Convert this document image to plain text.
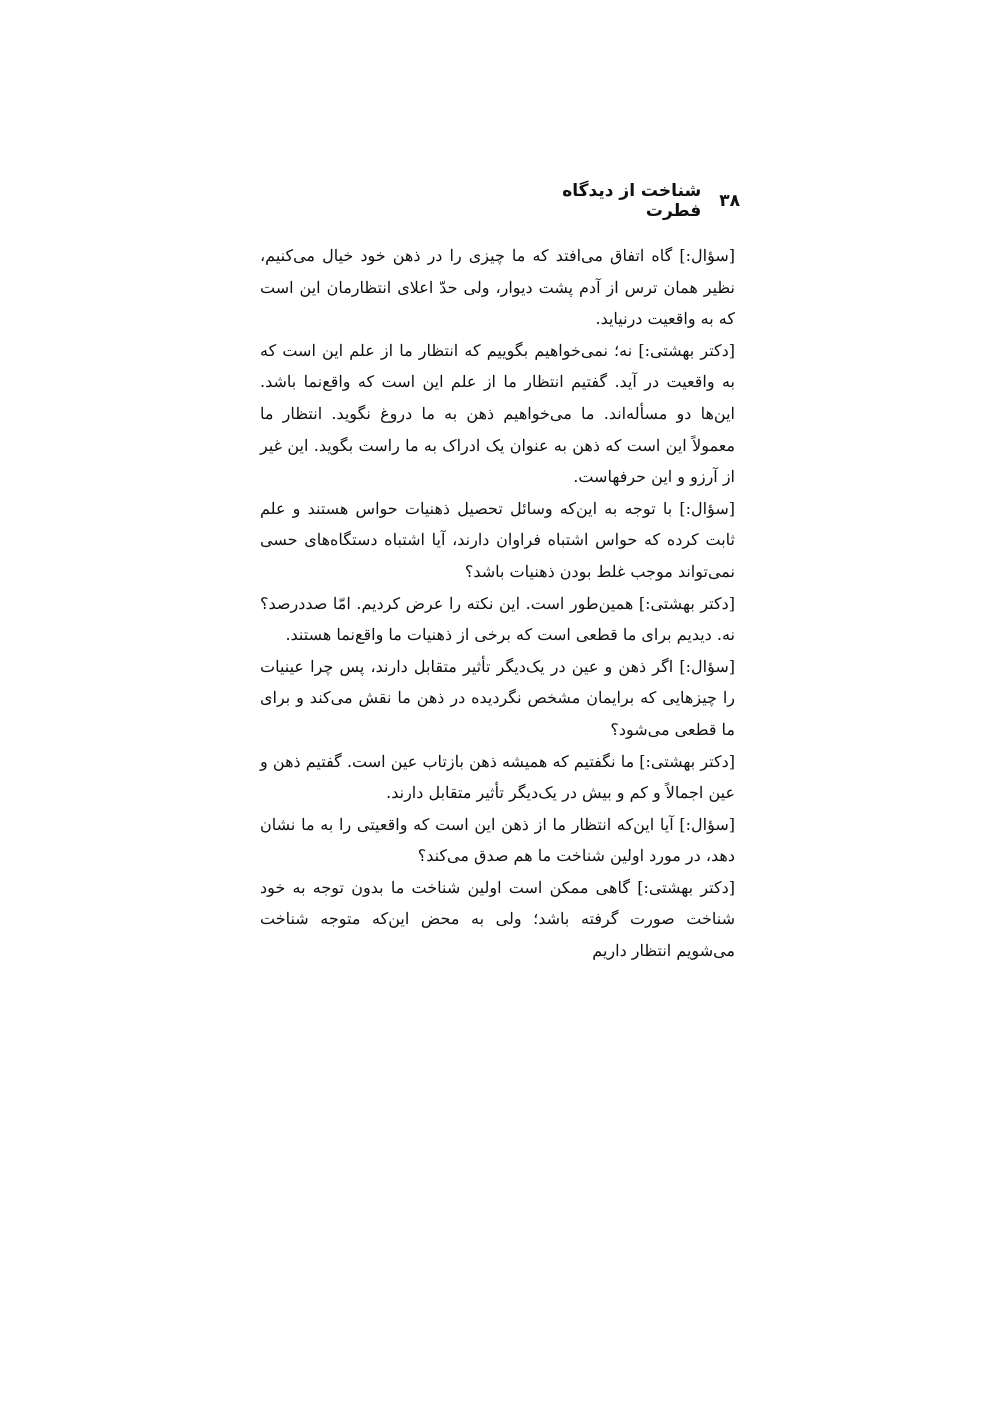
۳۸
شناخت از دیدگاه فطرت

[سؤال:] گاه اتفاق می‌افتد که ما چیزی را در ذهن خود خیال می‌کنیم، نظیر همان ترس از آدم پشت دیوار، ولی حدّ اعلای انتظارمان این است که به واقعیت درنیاید.

[دکتر بهشتی:] نه؛ نمی‌خواهیم بگوییم که انتظار ما از علم این است که به واقعیت در آید. گفتیم انتظار ما از علم این است که واقع‌نما باشد. این‌ها دو مسأله‌اند. ما می‌خواهیم ذهن به ما دروغ نگوید. انتظار ما معمولاً این است که ذهن به عنوان یک ادراک به ما راست بگوید. این غیر از آرزو و این حرفهاست.

[سؤال:] با توجه به این‌که وسائل تحصیل ذهنیات حواس هستند و علم ثابت کرده که حواس اشتباه فراوان دارند، آیا اشتباه دستگاه‌های حسی نمی‌تواند موجب غلط بودن ذهنیات باشد؟

[دکتر بهشتی:] همین‌طور است. این نکته را عرض کردیم. امّا صددرصد؟ نه. دیدیم برای ما قطعی است که برخی از ذهنیات ما واقع‌نما هستند.

[سؤال:] اگر ذهن و عین در یک‌دیگر تأثیر متقابل دارند، پس چرا عینیات را چیزهایی که برایمان مشخص نگردیده در ذهن ما نقش می‌کند و برای ما قطعی می‌شود؟

[دکتر بهشتی:] ما نگفتیم که همیشه ذهن بازتاب عین است. گفتیم ذهن و عین اجمالاً و کم و بیش در یک‌دیگر تأثیر متقابل دارند.

[سؤال:] آیا این‌که انتظار ما از ذهن این است که واقعیتی را به ما نشان دهد، در مورد اولین شناخت ما هم صدق می‌کند؟

[دکتر بهشتی:] گاهی ممکن است اولین شناخت ما بدون توجه به خود شناخت صورت گرفته باشد؛ ولی به محض این‌که متوجه شناخت می‌شویم انتظار داریم
